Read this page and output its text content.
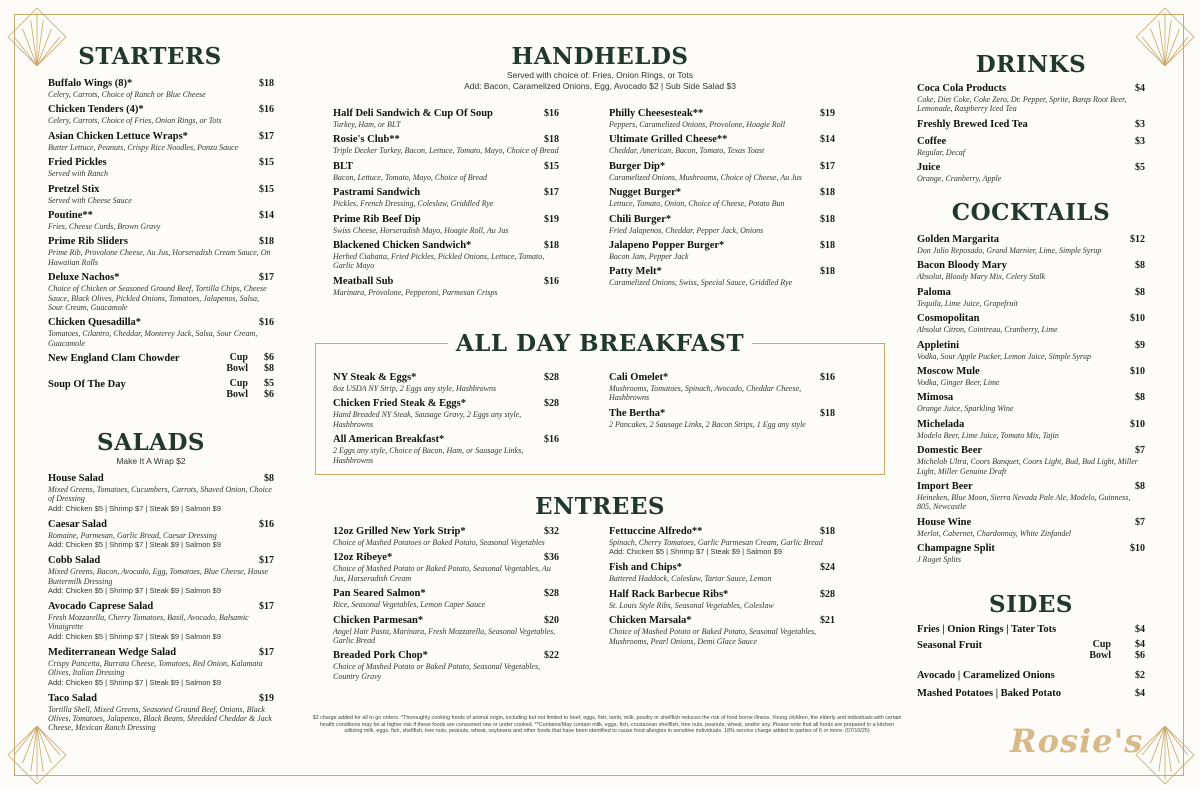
STARTERS
Buffalo Wings (8)*	$18
Celery, Carrots, Choice of Ranch or Blue Cheese
Chicken Tenders (4)*	$16
Celery, Carrots, Choice of Fries, Onion Rings, or Tots
Asian Chicken Lettuce Wraps*	$17
Butter Lettuce, Peanuts, Crispy Rice Noodles, Ponzu Sauce
Fried Pickles	$15
Served with Ranch
Pretzel Stix	$15
Served with Cheese Sauce
Poutine**	$14
Fries, Cheese Curds, Brown Gravy
Prime Rib Sliders	$18
Prime Rib, Provolone Cheese, Au Jus, Horseradish Cream Sauce, On Hawaiian Rolls
Deluxe Nachos*	$17
Choice of Chicken or Seasoned Ground Beef, Tortilla Chips, Cheese Sauce, Black Olives, Pickled Onions, Tomatoes, Jalapenos, Salsa, Sour Cream, Guacamole
Chicken Quesadilla*	$16
Tomatoes, Cilantro, Cheddar, Monterey Jack, Salsa, Sour Cream, Guacamole
New England Clam Chowder	Cup $6
Bowl $8
Soup Of The Day	Cup $5
Bowl $6
SALADS
Make It A Wrap $2
House Salad	$8
Mixed Greens, Tomatoes, Cucumbers, Carrots, Shaved Onion, Choice of Dressing
Add: Chicken $5 | Shrimp $7 | Steak $9 | Salmon $9
Caesar Salad	$16
Romaine, Parmesan, Garlic Bread, Caesar Dressing
Add: Chicken $5 | Shrimp $7 | Steak $9 | Salmon $9
Cobb Salad	$17
Mixed Greens, Bacon, Avocado, Egg, Tomatoes, Blue Cheese, House Buttermilk Dressing
Add: Chicken $5 | Shrimp $7 | Steak $9 | Salmon $9
Avocado Caprese Salad	$17
Fresh Mozzarella, Cherry Tomatoes, Basil, Avocado, Balsamic Vinaigrette
Add: Chicken $5 | Shrimp $7 | Steak $9 | Salmon $9
Mediterranean Wedge Salad	$17
Crispy Pancetta, Burrata Cheese, Tomatoes, Red Onion, Kalamata Olives, Italian Dressing
Add: Chicken $5 | Shrimp $7 | Steak $9 | Salmon $9
Taco Salad	$19
Tortilla Shell, Mixed Greens, Seasoned Ground Beef, Onions, Black Olives, Tomatoes, Jalapenos, Black Beans, Shredded Cheddar & Jack Cheese, Mexican Ranch Dressing
HANDHELDS
Served with choice of: Fries, Onion Rings, or Tots
Add: Bacon, Caramelized Onions, Egg, Avocado $2 | Sub Side Salad $3
Half Deli Sandwich & Cup Of Soup	$16
Turkey, Ham, or BLT
Rosie's Club**	$18
Triple Decker Turkey, Bacon, Lettuce, Tomato, Mayo, Choice of Bread
BLT	$15
Bacon, Lettuce, Tomato, Mayo, Choice of Bread
Pastrami Sandwich	$17
Pickles, French Dressing, Coleslaw, Griddled Rye
Prime Rib Beef Dip	$19
Swiss Cheese, Horseradish Mayo, Hoagie Roll, Au Jus
Blackened Chicken Sandwich*	$18
Herbed Ciabatta, Fried Pickles, Pickled Onions, Lettuce, Tomato, Garlic Mayo
Meatball Sub	$16
Marinara, Provolone, Pepperoni, Parmesan Crisps
Philly Cheesesteak**	$19
Peppers, Caramelized Onions, Provolone, Hoagie Roll
Ultimate Grilled Cheese**	$14
Cheddar, American, Bacon, Tomato, Texas Toast
Burger Dip*	$17
Caramelized Onions, Mushrooms, Choice of Cheese, Au Jus
Nugget Burger*	$18
Lettuce, Tomato, Onion, Choice of Cheese, Potato Bun
Chili Burger*	$18
Fried Jalapenos, Cheddar, Pepper Jack, Onions
Jalapeno Popper Burger*	$18
Bacon Jam, Pepper Jack
Patty Melt*	$18
Caramelized Onions, Swiss, Special Sauce, Griddled Rye
ALL DAY BREAKFAST
NY Steak & Eggs*	$28
8oz USDA NY Strip, 2 Eggs any style, Hashbrowns
Chicken Fried Steak & Eggs*	$28
Hand Breaded NY Steak, Sausage Gravy, 2 Eggs any style, Hashbrowns
All American Breakfast*	$16
2 Eggs any style, Choice of Bacon, Ham, or Sausage Links, Hashbrowns
Cali Omelet*	$16
Mushrooms, Tomatoes, Spinach, Avocado, Cheddar Cheese, Hashbrowns
The Bertha*	$18
2 Pancakes, 2 Sausage Links, 2 Bacon Strips, 1 Egg any style
ENTREES
12oz Grilled New York Strip*	$32
Choice of Mashed Potatoes or Baked Potato, Seasonal Vegetables
12oz Ribeye*	$36
Choice of Mashed Potato or Baked Potato, Seasonal Vegetables, Au Jus, Horseradish Cream
Pan Seared Salmon*	$28
Rice, Seasonal Vegetables, Lemon Caper Sauce
Chicken Parmesan*	$20
Angel Hair Pasta, Marinara, Fresh Mozzarella, Seasonal Vegetables, Garlic Bread
Breaded Pork Chop*	$22
Choice of Mashed Potato or Baked Potato, Seasonal Vegetables, Country Gravy
Fettuccine Alfredo**	$18
Spinach, Cherry Tomatoes, Garlic Parmesan Cream, Garlic Bread
Add: Chicken $5 | Shrimp $7 | Steak $9 | Salmon $9
Fish and Chips*	$24
Battered Haddock, Coleslaw, Tartar Sauce, Lemon
Half Rack Barbecue Ribs*	$28
St. Louis Style Ribs, Seasonal Vegetables, Coleslaw
Chicken Marsala*	$21
Choice of Mashed Potato or Baked Potato, Seasonal Vegetables, Mushrooms, Pearl Onions, Demi Glace Sauce
DRINKS
Coca Cola Products	$4
Coke, Diet Coke, Coke Zero, Dr. Pepper, Sprite, Barqs Root Beer, Lemonade, Raspberry Iced Tea
Freshly Brewed Iced Tea	$3
Coffee	$3
Regular, Decaf
Juice	$5
Orange, Cranberry, Apple
COCKTAILS
Golden Margarita	$12
Don Julio Reposado, Grand Marnier, Lime, Simple Syrup
Bacon Bloody Mary	$8
Absolut, Bloody Mary Mix, Celery Stalk
Paloma	$8
Tequila, Lime Juice, Grapefruit
Cosmopolitan	$10
Absolut Citron, Cointreau, Cranberry, Lime
Appletini	$9
Vodka, Sour Apple Pucker, Lemon Juice, Simple Syrup
Moscow Mule	$10
Vodka, Ginger Beer, Lime
Mimosa	$8
Orange Juice, Sparkling Wine
Michelada	$10
Modelo Beer, Lime Juice, Tomato Mix, Tajin
Domestic Beer	$7
Michelob Ultra, Coors Banquet, Coors Light, Bud, Bud Light, Miller Light, Miller Genuine Draft
Import Beer	$8
Heineken, Blue Moon, Sierra Nevada Pale Ale, Modelo, Guinness, 805, Newcastle
House Wine	$7
Merlot, Cabernet, Chardonnay, White Zinfandel
Champagne Split	$10
J Roget Splits
SIDES
Fries | Onion Rings | Tater Tots	$4
Seasonal Fruit	Cup $4
Bowl $6
Avocado | Caramelized Onions	$2
Mashed Potatoes | Baked Potato	$4
$2 charge added for all to go orders. *Thoroughly cooking foods of animal origin, including but not limited to beef, eggs, fish, lamb, milk, poultry or shellfish reduces the risk of food borne illness. Young children, the elderly and individuals with certain health conditions may be at higher risk if these foods are consumed raw or under cooked. **Contains/May contain milk, eggs, fish, crustacean shellfish, tree nuts, peanuts, wheat, and/or soy. Please note that all foods are prepared in a kitchen utilizing milk, eggs, fish, shellfish, tree nuts, peanuts, wheat, soybeans and other foods that have been identified to cause food allergies in sensitive individuals. 18% service charge added to parties of 6 or more. (07/10/25)	Rosie's
